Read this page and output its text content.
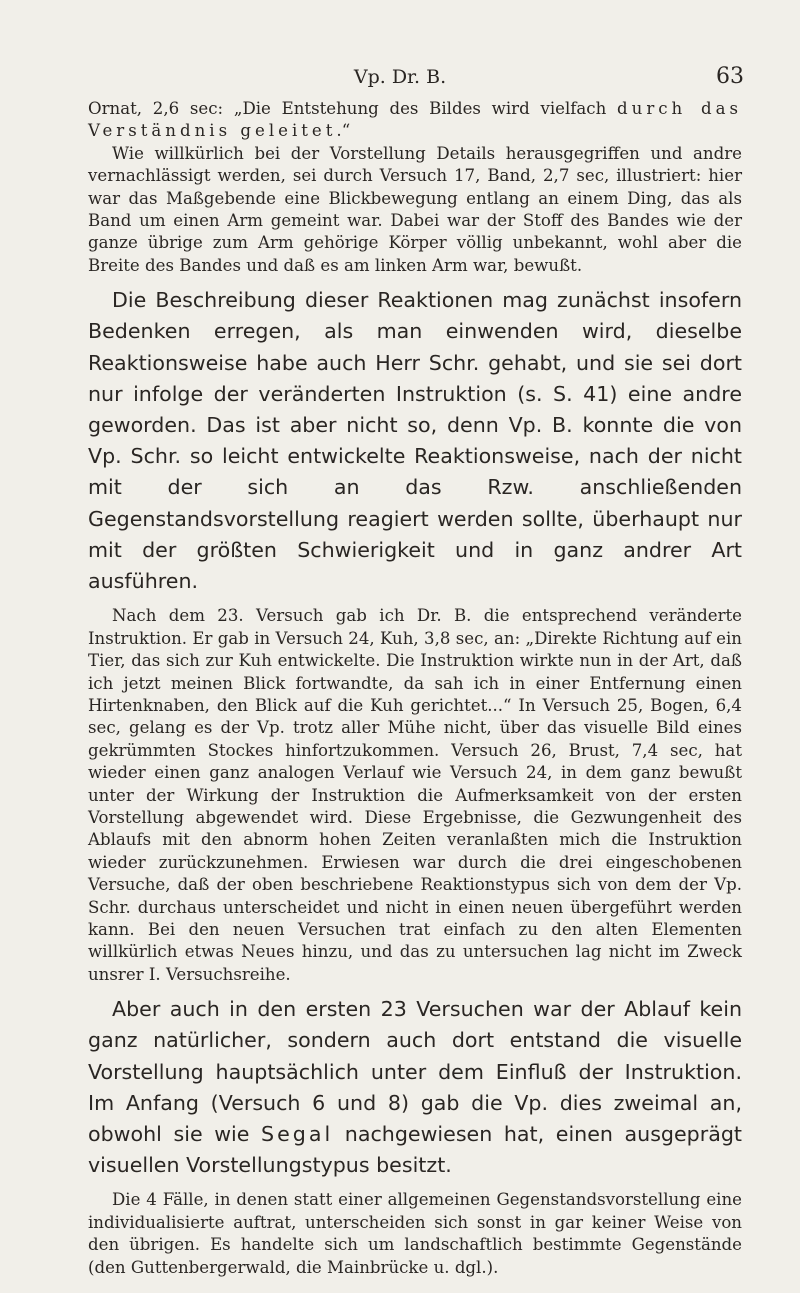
Vp. Dr. B.	63

Ornat, 2,6 sec: „Die Entstehung des Bildes wird vielfach durch das Verständnis geleitet.“

Wie willkürlich bei der Vorstellung Details herausgegriffen und andre vernachlässigt werden, sei durch Versuch 17, Band, 2,7 sec, illustriert: hier war das Maßgebende eine Blickbewegung entlang an einem Ding, das als Band um einen Arm gemeint war. Dabei war der Stoff des Bandes wie der ganze übrige zum Arm gehörige Körper völlig unbekannt, wohl aber die Breite des Bandes und daß es am linken Arm war, bewußt.

Die Beschreibung dieser Reaktionen mag zunächst insofern Bedenken erregen, als man einwenden wird, dieselbe Reaktionsweise habe auch Herr Schr. gehabt, und sie sei dort nur infolge der veränderten Instruktion (s. S. 41) eine andre geworden. Das ist aber nicht so, denn Vp. B. konnte die von Vp. Schr. so leicht entwickelte Reaktionsweise, nach der nicht mit der sich an das Rzw. anschließenden Gegenstandsvorstellung reagiert werden sollte, überhaupt nur mit der größten Schwierigkeit und in ganz andrer Art ausführen.

Nach dem 23. Versuch gab ich Dr. B. die entsprechend veränderte Instruktion. Er gab in Versuch 24, Kuh, 3,8 sec, an: „Direkte Richtung auf ein Tier, das sich zur Kuh entwickelte. Die Instruktion wirkte nun in der Art, daß ich jetzt meinen Blick fortwandte, da sah ich in einer Entfernung einen Hirtenknaben, den Blick auf die Kuh gerichtet...“ In Versuch 25, Bogen, 6,4 sec, gelang es der Vp. trotz aller Mühe nicht, über das visuelle Bild eines gekrümmten Stockes hinfortzukommen. Versuch 26, Brust, 7,4 sec, hat wieder einen ganz analogen Verlauf wie Versuch 24, in dem ganz bewußt unter der Wirkung der Instruktion die Aufmerksamkeit von der ersten Vorstellung abgewendet wird. Diese Ergebnisse, die Gezwungenheit des Ablaufs mit den abnorm hohen Zeiten veranlaßten mich die Instruktion wieder zurückzunehmen. Erwiesen war durch die drei eingeschobenen Versuche, daß der oben beschriebene Reaktionstypus sich von dem der Vp. Schr. durchaus unterscheidet und nicht in einen neuen übergeführt werden kann. Bei den neuen Versuchen trat einfach zu den alten Elementen willkürlich etwas Neues hinzu, und das zu untersuchen lag nicht im Zweck unsrer I. Versuchsreihe.

Aber auch in den ersten 23 Versuchen war der Ablauf kein ganz natürlicher, sondern auch dort entstand die visuelle Vorstellung hauptsächlich unter dem Einfluß der Instruktion. Im Anfang (Versuch 6 und 8) gab die Vp. dies zweimal an, obwohl sie wie Segal nachgewiesen hat, einen ausgeprägt visuellen Vorstellungstypus besitzt.

Die 4 Fälle, in denen statt einer allgemeinen Gegenstandsvorstellung eine individualisierte auftrat, unterscheiden sich sonst in gar keiner Weise von den übrigen. Es handelte sich um landschaftlich bestimmte Gegenstände (den Guttenbergerwald, die Mainbrücke u. dgl.).
